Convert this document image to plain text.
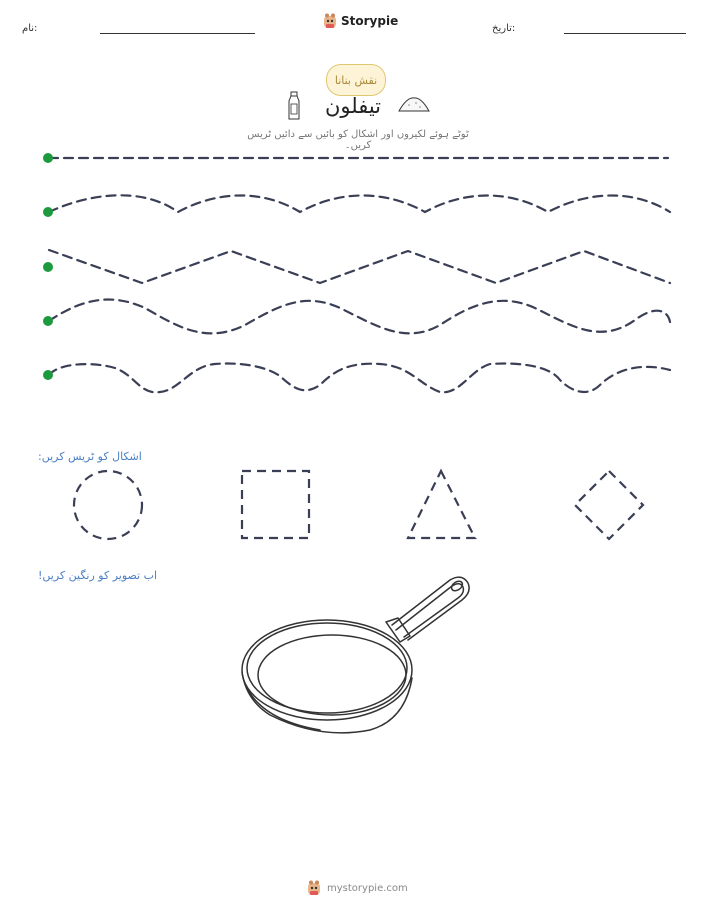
نام:
Storypie
تاریخ:
نقش بنانا
تیفلون
ٹوٹے ہوئے لکیروں اور اشکال کو بائیں سے دائیں ٹریس کریں۔
اشکال کو ٹریس کریں:
اب تصویر کو رنگین کریں!
mystorypie.com
